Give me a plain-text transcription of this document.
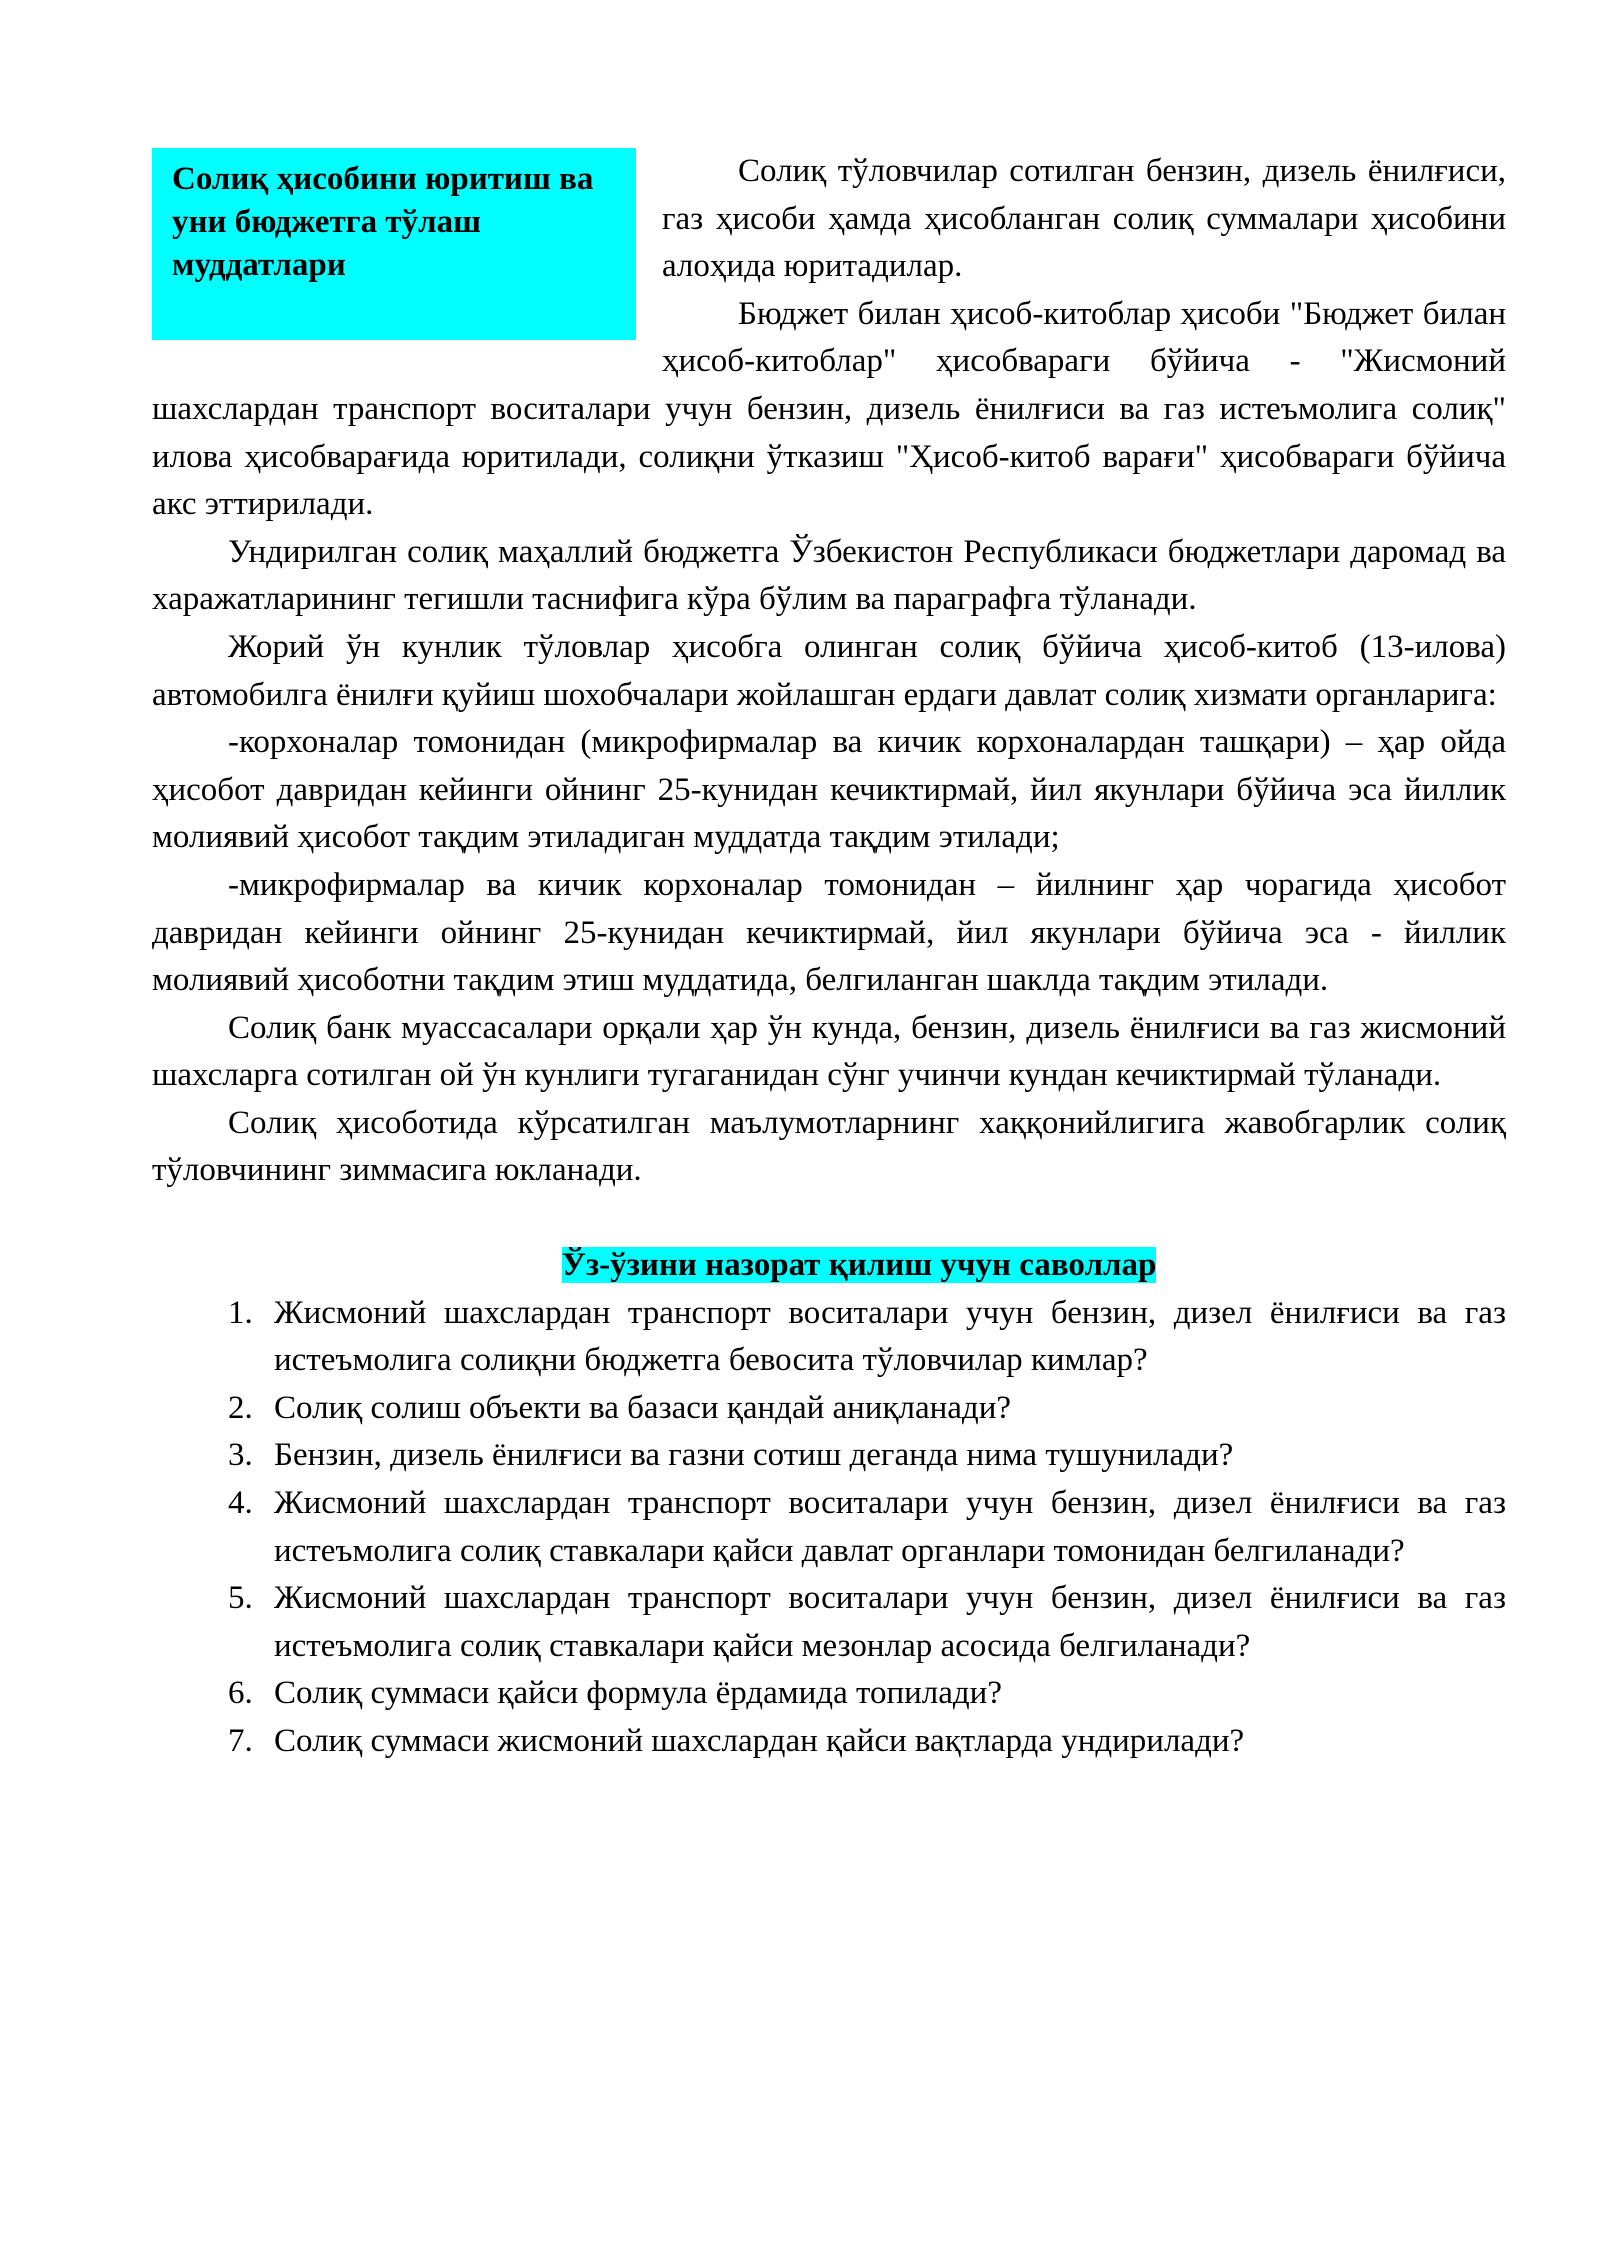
Солиқ ҳисобини юритиш ва уни бюджетга тўлаш муддатлари

Солиқ тўловчилар сотилган бензин, дизель ёнилғиси, газ ҳисоби ҳамда ҳисобланган солиқ суммалари ҳисобини алоҳида юритадилар.

Бюджет билан ҳисоб-китоблар ҳисоби "Бюджет билан ҳисоб-китоблар" ҳисобвараги бўйича - "Жисмоний шахслардан транспорт воситалари учун бензин, дизель ёнилғиси ва газ истеъмолига солиқ" илова ҳисобварағида юритилади, солиқни ўтказиш "Ҳисоб-китоб варағи" ҳисобвараги бўйича акс эттирилади.

Ундирилган солиқ маҳаллий бюджетга Ўзбекистон Республикаси бюджетлари даромад ва харажатларининг тегишли таснифига кўра бўлим ва параграфга тўланади.

Жорий ўн кунлик тўловлар ҳисобга олинган солиқ бўйича ҳисоб-китоб (13-илова) автомобилга ёнилғи қуйиш шохобчалари жойлашган ердаги давлат солиқ хизмати органларига:

-корхоналар томонидан (микрофирмалар ва кичик корхоналардан ташқари) – ҳар ойда ҳисобот давридан кейинги ойнинг 25-кунидан кечиктирмай, йил якунлари бўйича эса йиллик молиявий ҳисобот тақдим этиладиган муддатда тақдим этилади;

-микрофирмалар ва кичик корхоналар томонидан – йилнинг ҳар чорагида ҳисобот давридан кейинги ойнинг 25-кунидан кечиктирмай, йил якунлари бўйича эса - йиллик молиявий ҳисоботни тақдим этиш муддатида, белгиланган шаклда тақдим этилади.

Солиқ банк муассасалари орқали ҳар ўн кунда, бензин, дизель ёнилғиси ва газ жисмоний шахсларга сотилган ой ўн кунлиги тугаганидан сўнг учинчи кундан кечиктирмай тўланади.

Солиқ ҳисоботида кўрсатилган маълумотларнинг хаққонийлигига жавобгарлик солиқ тўловчининг зиммасига юкланади.

Ўз-ўзини назорат қилиш учун саволлар
1. Жисмоний шахслардан транспорт воситалари учун бензин, дизел ёнилғиси ва газ истеъмолига солиқни бюджетга бевосита тўловчилар кимлар?
2. Солиқ солиш объекти ва базаси қандай аниқланади?
3. Бензин, дизель ёнилғиси ва газни сотиш деганда нима тушунилади?
4. Жисмоний шахслардан транспорт воситалари учун бензин, дизел ёнилғиси ва газ истеъмолига солиқ ставкалари қайси давлат органлари томонидан белгиланади?
5. Жисмоний шахслардан транспорт воситалари учун бензин, дизел ёнилғиси ва газ истеъмолига солиқ ставкалари қайси мезонлар асосида белгиланади?
6. Солиқ суммаси қайси формула ёрдамида топилади?
7. Солиқ суммаси жисмоний шахслардан қайси вақтларда ундирилади?
